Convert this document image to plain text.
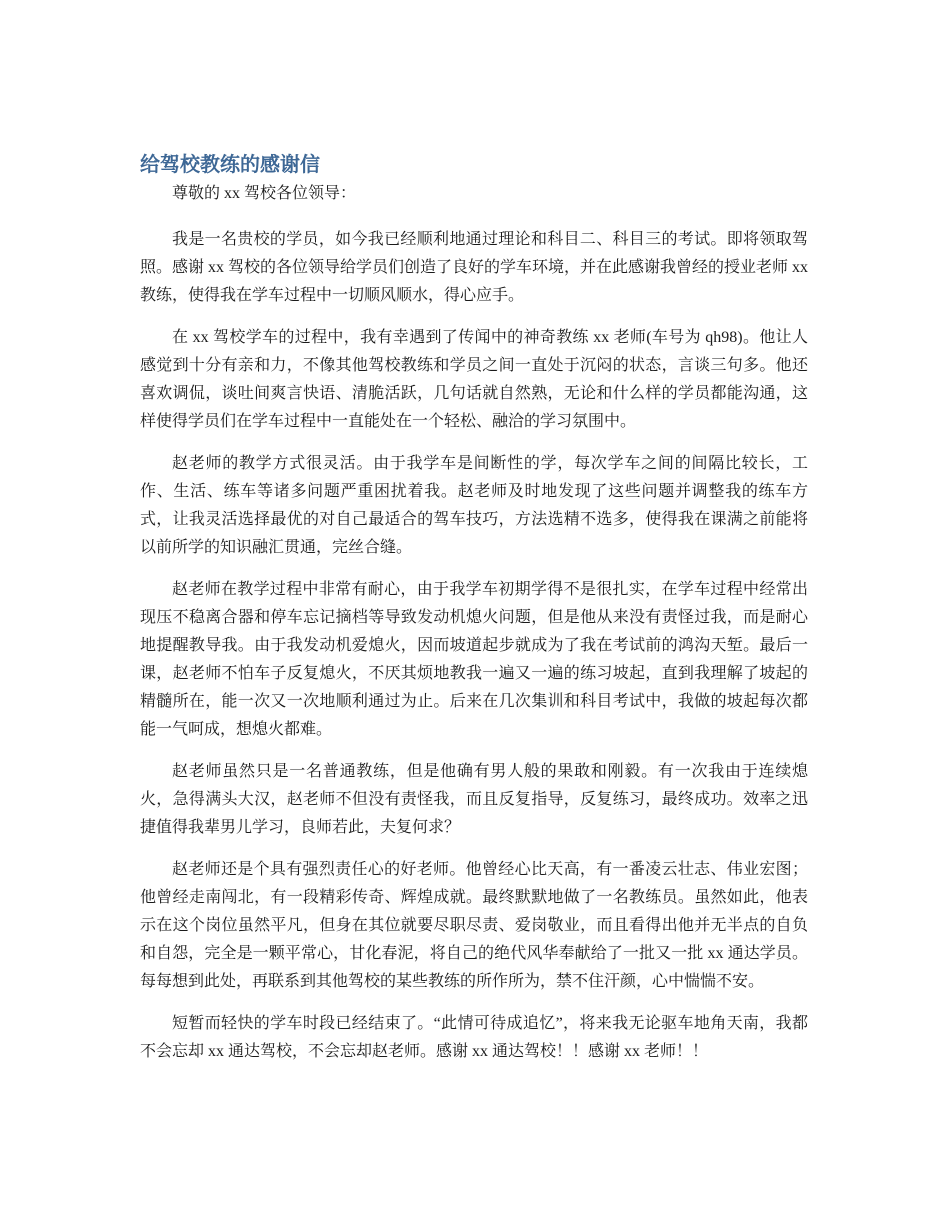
给驾校教练的感谢信

尊敬的 xx 驾校各位领导：

我是一名贵校的学员，如今我已经顺利地通过理论和科目二、科目三的考试。即将领取驾照。感谢 xx 驾校的各位领导给学员们创造了良好的学车环境，并在此感谢我曾经的授业老师 xx 教练，使得我在学车过程中一切顺风顺水，得心应手。

在 xx 驾校学车的过程中，我有幸遇到了传闻中的神奇教练 xx 老师(车号为 qh98)。他让人感觉到十分有亲和力，不像其他驾校教练和学员之间一直处于沉闷的状态，言谈三句多。他还喜欢调侃，谈吐间爽言快语、清脆活跃，几句话就自然熟，无论和什么样的学员都能沟通，这样使得学员们在学车过程中一直能处在一个轻松、融洽的学习氛围中。

赵老师的教学方式很灵活。由于我学车是间断性的学，每次学车之间的间隔比较长，工作、生活、练车等诸多问题严重困扰着我。赵老师及时地发现了这些问题并调整我的练车方式，让我灵活选择最优的对自己最适合的驾车技巧，方法选精不选多，使得我在课满之前能将以前所学的知识融汇贯通，完丝合缝。

赵老师在教学过程中非常有耐心，由于我学车初期学得不是很扎实，在学车过程中经常出现压不稳离合器和停车忘记摘档等导致发动机熄火问题，但是他从来没有责怪过我，而是耐心地提醒教导我。由于我发动机爱熄火，因而坡道起步就成为了我在考试前的鸿沟天堑。最后一课，赵老师不怕车子反复熄火，不厌其烦地教我一遍又一遍的练习坡起，直到我理解了坡起的精髓所在，能一次又一次地顺利通过为止。后来在几次集训和科目考试中，我做的坡起每次都能一气呵成，想熄火都难。

赵老师虽然只是一名普通教练，但是他确有男人般的果敢和刚毅。有一次我由于连续熄火，急得满头大汉，赵老师不但没有责怪我，而且反复指导，反复练习，最终成功。效率之迅捷值得我辈男儿学习，良师若此，夫复何求？

赵老师还是个具有强烈责任心的好老师。他曾经心比天高，有一番凌云壮志、伟业宏图；他曾经走南闯北，有一段精彩传奇、辉煌成就。最终默默地做了一名教练员。虽然如此，他表示在这个岗位虽然平凡，但身在其位就要尽职尽责、爱岗敬业，而且看得出他并无半点的自负和自怨，完全是一颗平常心，甘化春泥，将自己的绝代风华奉献给了一批又一批 xx 通达学员。每每想到此处，再联系到其他驾校的某些教练的所作所为，禁不住汗颜，心中惴惴不安。

短暂而轻快的学车时段已经结束了。“此情可待成追忆”，将来我无论驱车地角天南，我都不会忘却 xx 通达驾校，不会忘却赵老师。感谢 xx 通达驾校！！感谢 xx 老师！！
